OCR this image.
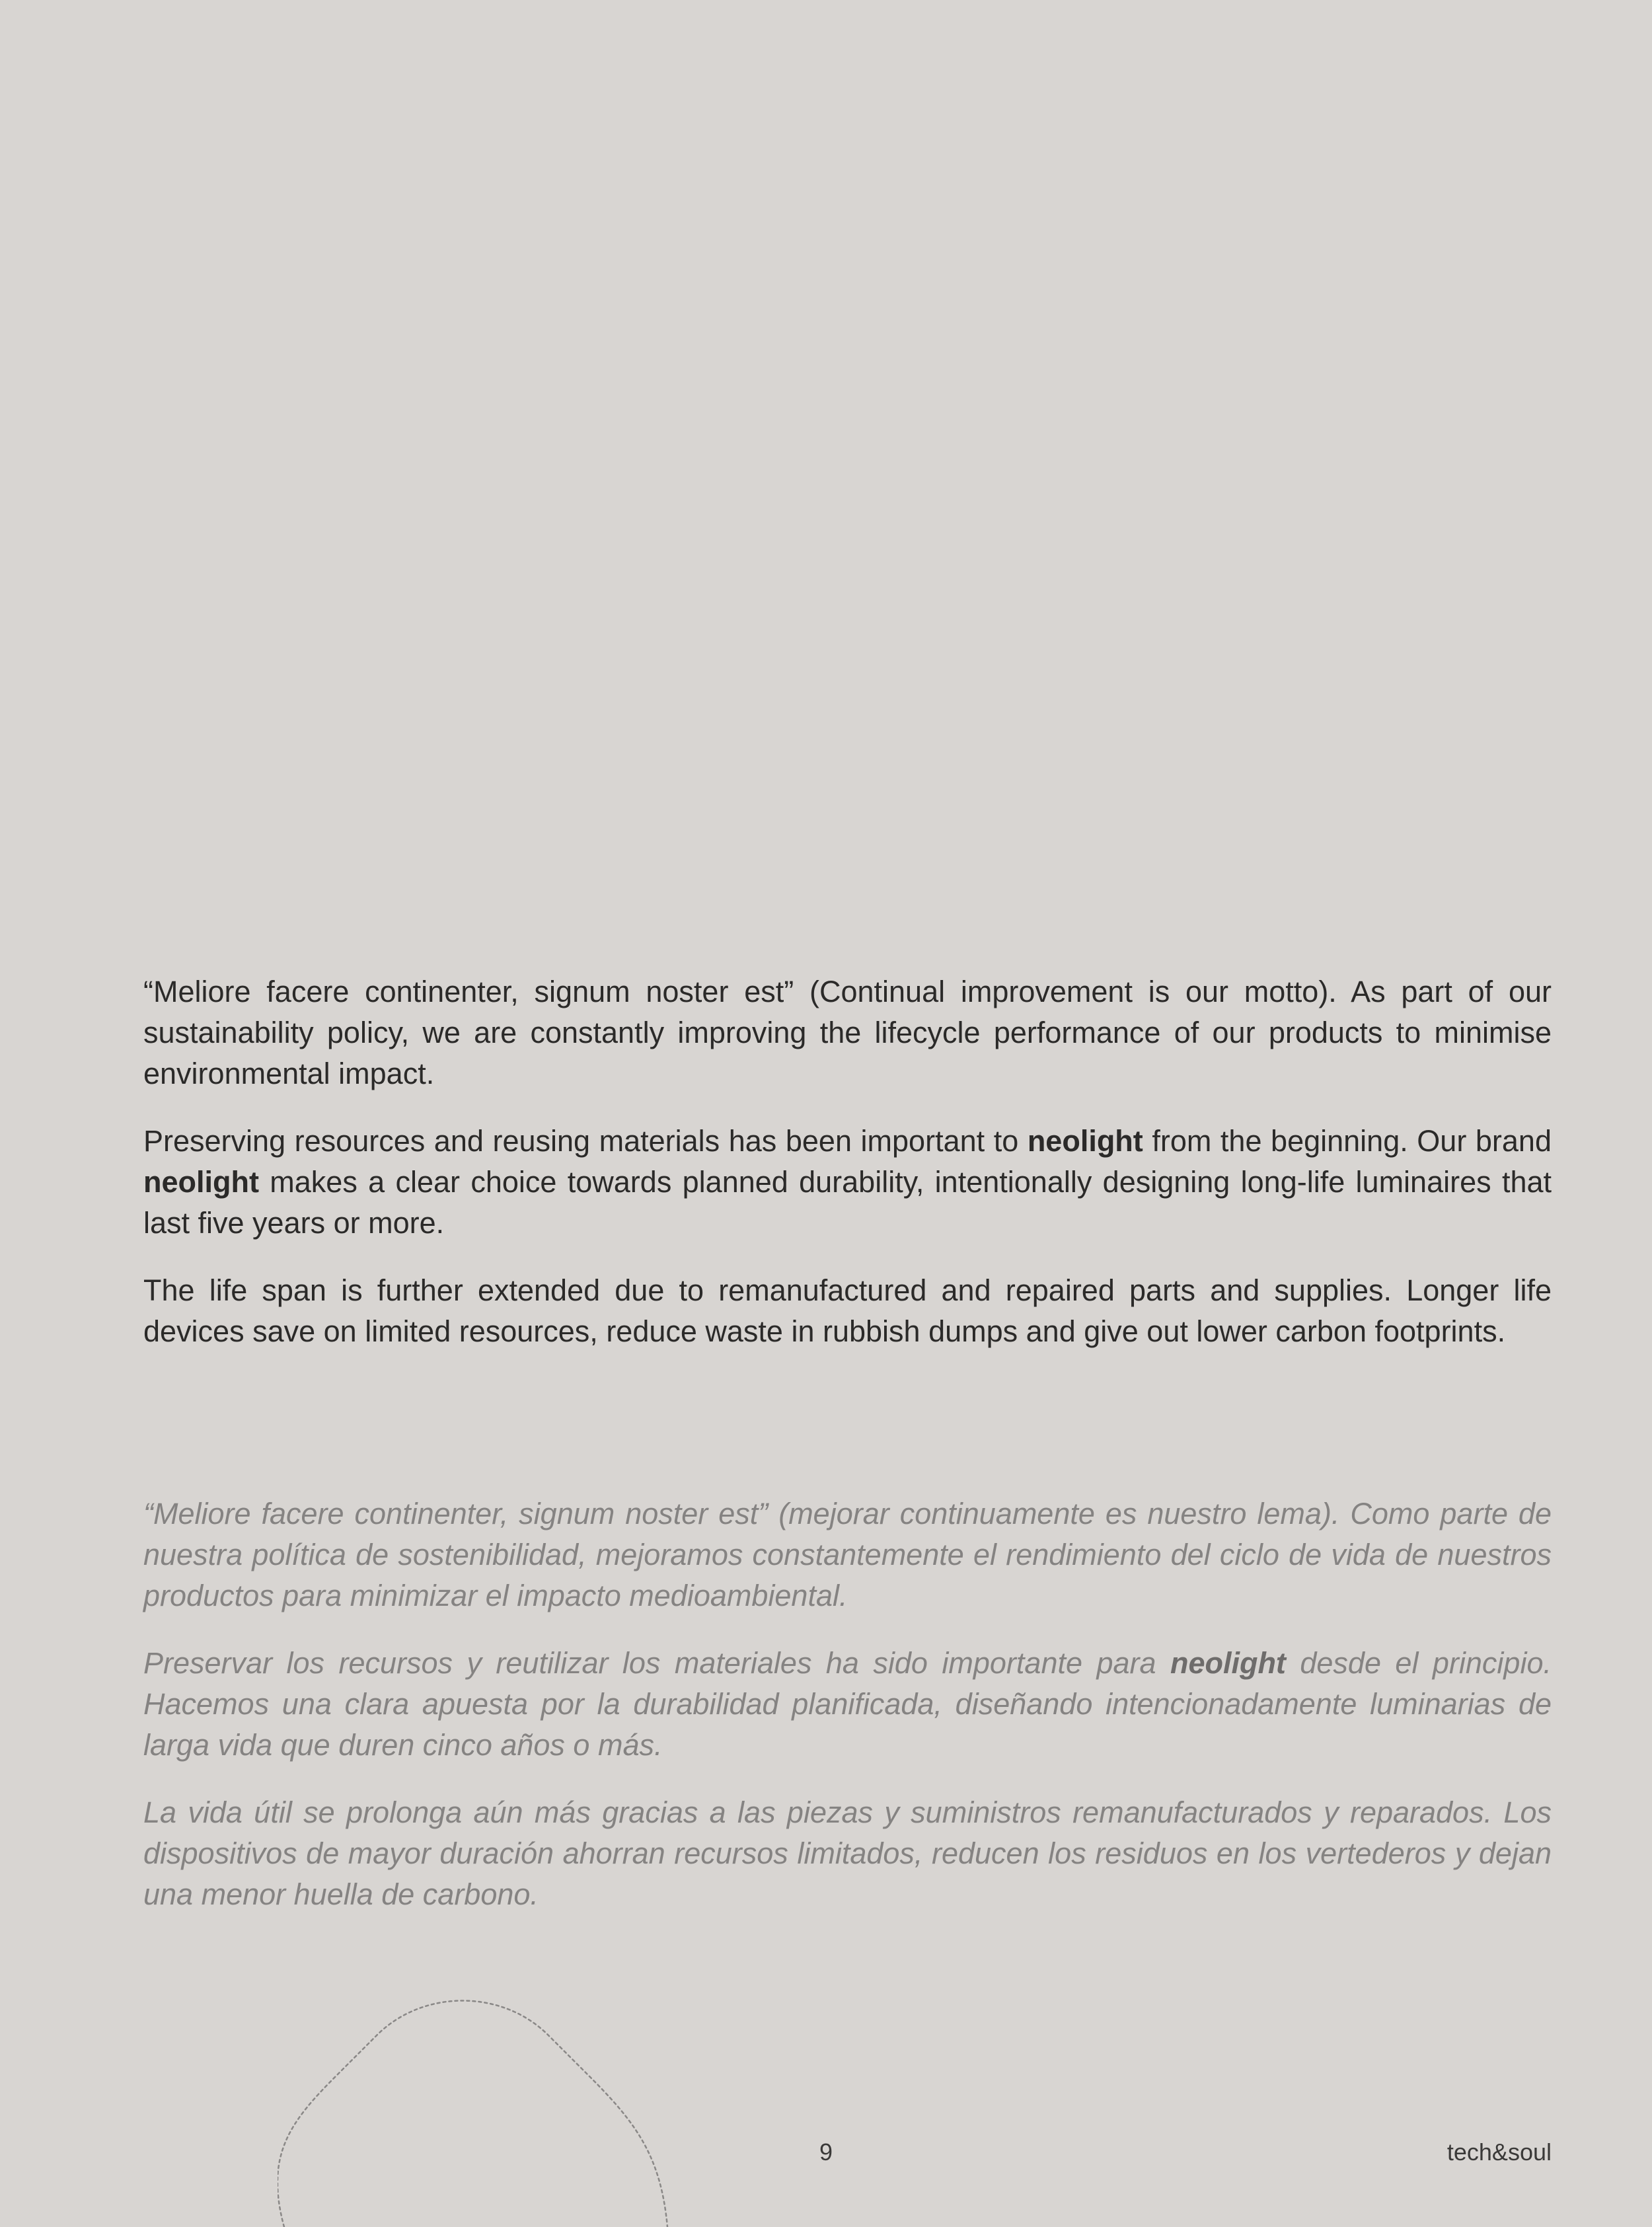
“Meliore facere continenter, signum noster est” (Continual improvement is our motto). As part of our sustainability policy, we are constantly improving the lifecycle performance of our products to minimise environmental impact.

Preserving resources and reusing materials has been important to neolight from the beginning. Our brand neolight makes a clear choice towards planned durability, intentionally designing long-life luminaires that last five years or more.

The life span is further extended due to remanufactured and repaired parts and supplies. Longer life devices save on limited resources, reduce waste in rubbish dumps and give out lower carbon footprints.

“Meliore facere continenter, signum noster est” (mejorar continuamente es nuestro lema). Como parte de nuestra política de sostenibilidad, mejoramos constantemente el rendimiento del ciclo de vida de nuestros productos para minimizar el impacto medioambiental.

Preservar los recursos y reutilizar los materiales ha sido importante para neolight desde el principio. Hacemos una clara apuesta por la durabilidad planificada, diseñando intencionadamente luminarias de larga vida que duren cinco años o más.

La vida útil se prolonga aún más gracias a las piezas y suministros remanufacturados y reparados. Los dispositivos de mayor duración ahorran recursos limitados, reducen los residuos en los vertederos y dejan una menor huella de carbono.

9	tech&soul
